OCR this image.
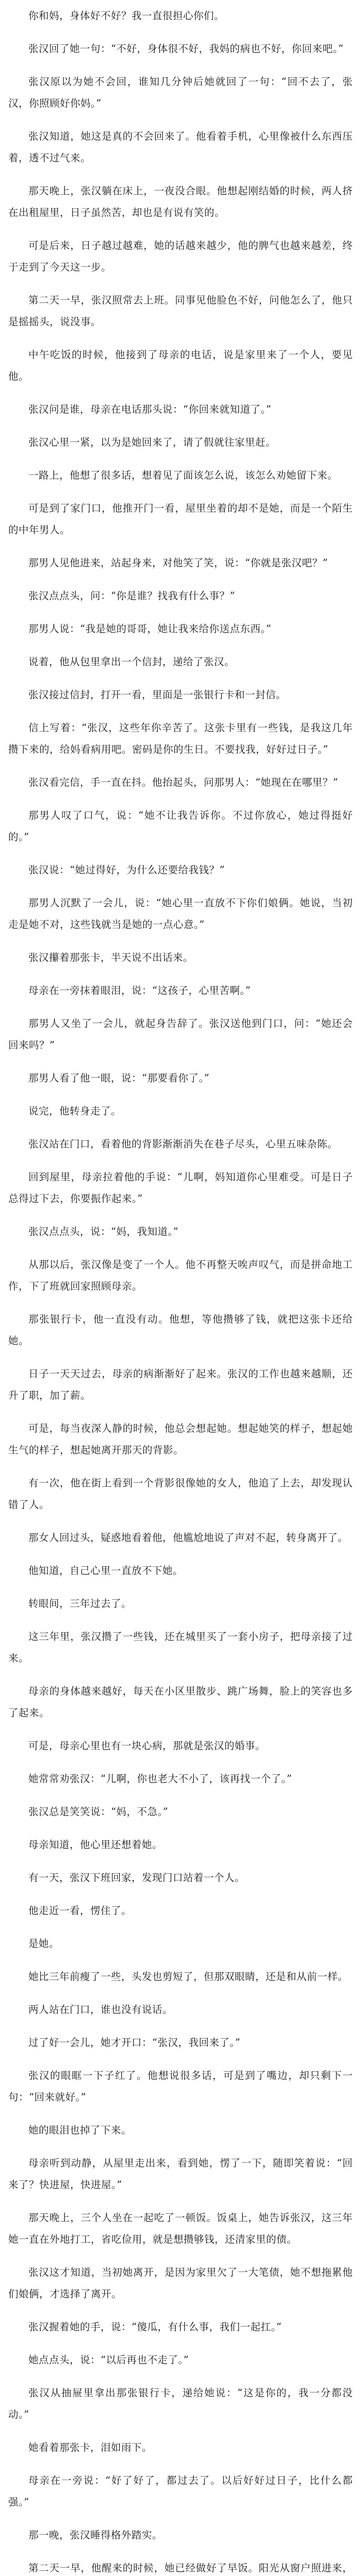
你和妈，身体好不好？我一直很担心你们。

张汉回了她一句：“不好，身体很不好，我妈的病也不好，你回来吧。”

张汉原以为她不会回，谁知几分钟后她就回了一句：“回不去了，张汉，你照顾好你妈。”

张汉知道，她这是真的不会回来了。他看着手机，心里像被什么东西压着，透不过气来。

那天晚上，张汉躺在床上，一夜没合眼。他想起刚结婚的时候，两人挤在出租屋里，日子虽然苦，却也是有说有笑的。

可是后来，日子越过越难，她的话越来越少，他的脾气也越来越差，终于走到了今天这一步。

第二天一早，张汉照常去上班。同事见他脸色不好，问他怎么了，他只是摇摇头，说没事。

中午吃饭的时候，他接到了母亲的电话，说是家里来了一个人，要见他。

张汉问是谁，母亲在电话那头说：“你回来就知道了。”

张汉心里一紧，以为是她回来了，请了假就往家里赶。

一路上，他想了很多话，想着见了面该怎么说，该怎么劝她留下来。

可是到了家门口，他推开门一看，屋里坐着的却不是她，而是一个陌生的中年男人。

那男人见他进来，站起身来，对他笑了笑，说：“你就是张汉吧？”

张汉点点头，问：“你是谁？找我有什么事？”

那男人说：“我是她的哥哥，她让我来给你送点东西。”

说着，他从包里拿出一个信封，递给了张汉。

张汉接过信封，打开一看，里面是一张银行卡和一封信。

信上写着：“张汉，这些年你辛苦了。这张卡里有一些钱，是我这几年攒下来的，给妈看病用吧。密码是你的生日。不要找我，好好过日子。”

张汉看完信，手一直在抖。他抬起头，问那男人：“她现在在哪里？”

那男人叹了口气，说：“她不让我告诉你。不过你放心，她过得挺好的。”

张汉说：“她过得好，为什么还要给我钱？”

那男人沉默了一会儿，说：“她心里一直放不下你们娘俩。她说，当初走是她不对，这些钱就当是她的一点心意。”

张汉攥着那张卡，半天说不出话来。

母亲在一旁抹着眼泪，说：“这孩子，心里苦啊。”

那男人又坐了一会儿，就起身告辞了。张汉送他到门口，问：“她还会回来吗？”

那男人看了他一眼，说：“那要看你了。”

说完，他转身走了。

张汉站在门口，看着他的背影渐渐消失在巷子尽头，心里五味杂陈。

回到屋里，母亲拉着他的手说：“儿啊，妈知道你心里难受。可是日子总得过下去，你要振作起来。”

张汉点点头，说：“妈，我知道。”

从那以后，张汉像是变了一个人。他不再整天唉声叹气，而是拼命地工作，下了班就回家照顾母亲。

那张银行卡，他一直没有动。他想，等他攒够了钱，就把这张卡还给她。

日子一天天过去，母亲的病渐渐好了起来。张汉的工作也越来越顺，还升了职，加了薪。

可是，每当夜深人静的时候，他总会想起她。想起她笑的样子，想起她生气的样子，想起她离开那天的背影。

有一次，他在街上看到一个背影很像她的女人，他追了上去，却发现认错了人。

那女人回过头，疑惑地看着他，他尴尬地说了声对不起，转身离开了。

他知道，自己心里一直放不下她。

转眼间，三年过去了。

这三年里，张汉攒了一些钱，还在城里买了一套小房子，把母亲接了过来。

母亲的身体越来越好，每天在小区里散步、跳广场舞，脸上的笑容也多了起来。

可是，母亲心里也有一块心病，那就是张汉的婚事。

她常常劝张汉：“儿啊，你也老大不小了，该再找一个了。”

张汉总是笑笑说：“妈，不急。”

母亲知道，他心里还想着她。

有一天，张汉下班回家，发现门口站着一个人。

他走近一看，愣住了。

是她。

她比三年前瘦了一些，头发也剪短了，但那双眼睛，还是和从前一样。

两人站在门口，谁也没有说话。

过了好一会儿，她才开口：“张汉，我回来了。”

张汉的眼眶一下子红了。他想说很多话，可是到了嘴边，却只剩下一句：“回来就好。”

她的眼泪也掉了下来。

母亲听到动静，从屋里走出来，看到她，愣了一下，随即笑着说：“回来了？快进屋，快进屋。”

那天晚上，三个人坐在一起吃了一顿饭。饭桌上，她告诉张汉，这三年她一直在外地打工，省吃俭用，就是想攒够钱，还清家里的债。

张汉这才知道，当初她离开，是因为家里欠了一大笔债，她不想拖累他们娘俩，才选择了离开。

张汉握着她的手，说：“傻瓜，有什么事，我们一起扛。”

她点点头，说：“以后再也不走了。”

张汉从抽屉里拿出那张银行卡，递给她说：“这是你的，我一分都没动。”

她看着那张卡，泪如雨下。

母亲在一旁说：“好了好了，都过去了。以后好好过日子，比什么都强。”

那一晚，张汉睡得格外踏实。

第二天一早，他醒来的时候，她已经做好了早饭。阳光从窗户照进来，
